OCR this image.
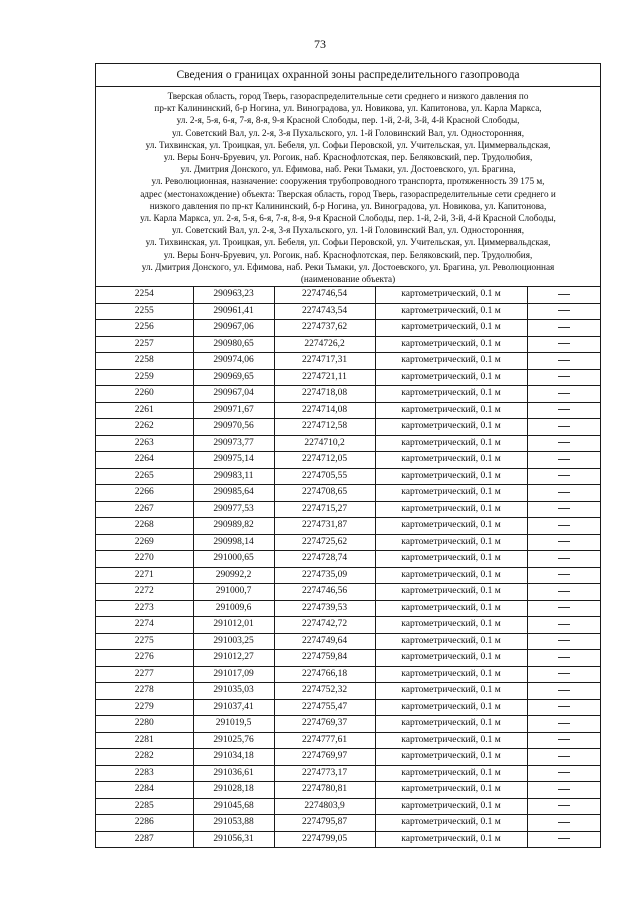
73
Сведения о границах охранной зоны распределительного газопровода
Тверская область, город Тверь, газораспределительные сети среднего и низкого давления по
пр-кт Калининский, б-р Ногина, ул. Виноградова, ул. Новикова, ул. Капитонова, ул. Карла Маркса,
ул. 2-я, 5-я, 6-я, 7-я, 8-я, 9-я Красной Слободы, пер. 1-й, 2-й, 3-й, 4-й Красной Слободы,
ул. Советский Вал, ул. 2-я, 3-я Пухальского, ул. 1-й Головинский Вал, ул. Односторонняя,
ул. Тихвинская, ул. Троицкая, ул. Бебеля, ул. Софьи Перовской, ул. Учительская, ул. Циммервальдская,
ул. Веры Бонч-Бруевич, ул. Рогоик, наб. Краснофлотская, пер. Беляковский, пер. Трудолюбия,
ул. Дмитрия Донского, ул. Ефимова, наб. Реки Тьмаки, ул. Достоевского, ул. Брагина,
ул. Революционная, назначение: сооружения трубопроводного транспорта, протяженность 39 175 м,
адрес (местонахождение) объекта: Тверская область, город Тверь, газораспределительные сети среднего и
низкого давления по пр-кт Калининский, б-р Ногина, ул. Виноградова, ул. Новикова, ул. Капитонова,
ул. Карла Маркса, ул. 2-я, 5-я, 6-я, 7-я, 8-я, 9-я Красной Слободы, пер. 1-й, 2-й, 3-й, 4-й Красной Слободы,
ул. Советский Вал, ул. 2-я, 3-я Пухальского, ул. 1-й Головинский Вал, ул. Односторонняя,
ул. Тихвинская, ул. Троицкая, ул. Бебеля, ул. Софьи Перовской, ул. Учительская, ул. Циммервальдская,
ул. Веры Бонч-Бруевич, ул. Рогоик, наб. Краснофлотская, пер. Беляковский, пер. Трудолюбия,
ул. Дмитрия Донского, ул. Ефимова, наб. Реки Тьмаки, ул. Достоевского, ул. Брагина, ул. Революционная
(наименование объекта)
2254	290963,23	2274746,54	картометрический, 0.1 м	
2255	290961,41	2274743,54	картометрический, 0.1 м	
2256	290967,06	2274737,62	картометрический, 0.1 м	
2257	290980,65	2274726,2	картометрический, 0.1 м	
2258	290974,06	2274717,31	картометрический, 0.1 м	
2259	290969,65	2274721,11	картометрический, 0.1 м	
2260	290967,04	2274718,08	картометрический, 0.1 м	
2261	290971,67	2274714,08	картометрический, 0.1 м	
2262	290970,56	2274712,58	картометрический, 0.1 м	
2263	290973,77	2274710,2	картометрический, 0.1 м	
2264	290975,14	2274712,05	картометрический, 0.1 м	
2265	290983,11	2274705,55	картометрический, 0.1 м	
2266	290985,64	2274708,65	картометрический, 0.1 м	
2267	290977,53	2274715,27	картометрический, 0.1 м	
2268	290989,82	2274731,87	картометрический, 0.1 м	
2269	290998,14	2274725,62	картометрический, 0.1 м	
2270	291000,65	2274728,74	картометрический, 0.1 м	
2271	290992,2	2274735,09	картометрический, 0.1 м	
2272	291000,7	2274746,56	картометрический, 0.1 м	
2273	291009,6	2274739,53	картометрический, 0.1 м	
2274	291012,01	2274742,72	картометрический, 0.1 м	
2275	291003,25	2274749,64	картометрический, 0.1 м	
2276	291012,27	2274759,84	картометрический, 0.1 м	
2277	291017,09	2274766,18	картометрический, 0.1 м	
2278	291035,03	2274752,32	картометрический, 0.1 м	
2279	291037,41	2274755,47	картометрический, 0.1 м	
2280	291019,5	2274769,37	картометрический, 0.1 м	
2281	291025,76	2274777,61	картометрический, 0.1 м	
2282	291034,18	2274769,97	картометрический, 0.1 м	
2283	291036,61	2274773,17	картометрический, 0.1 м	
2284	291028,18	2274780,81	картометрический, 0.1 м	
2285	291045,68	2274803,9	картометрический, 0.1 м	
2286	291053,88	2274795,87	картометрический, 0.1 м	
2287	291056,31	2274799,05	картометрический, 0.1 м	
